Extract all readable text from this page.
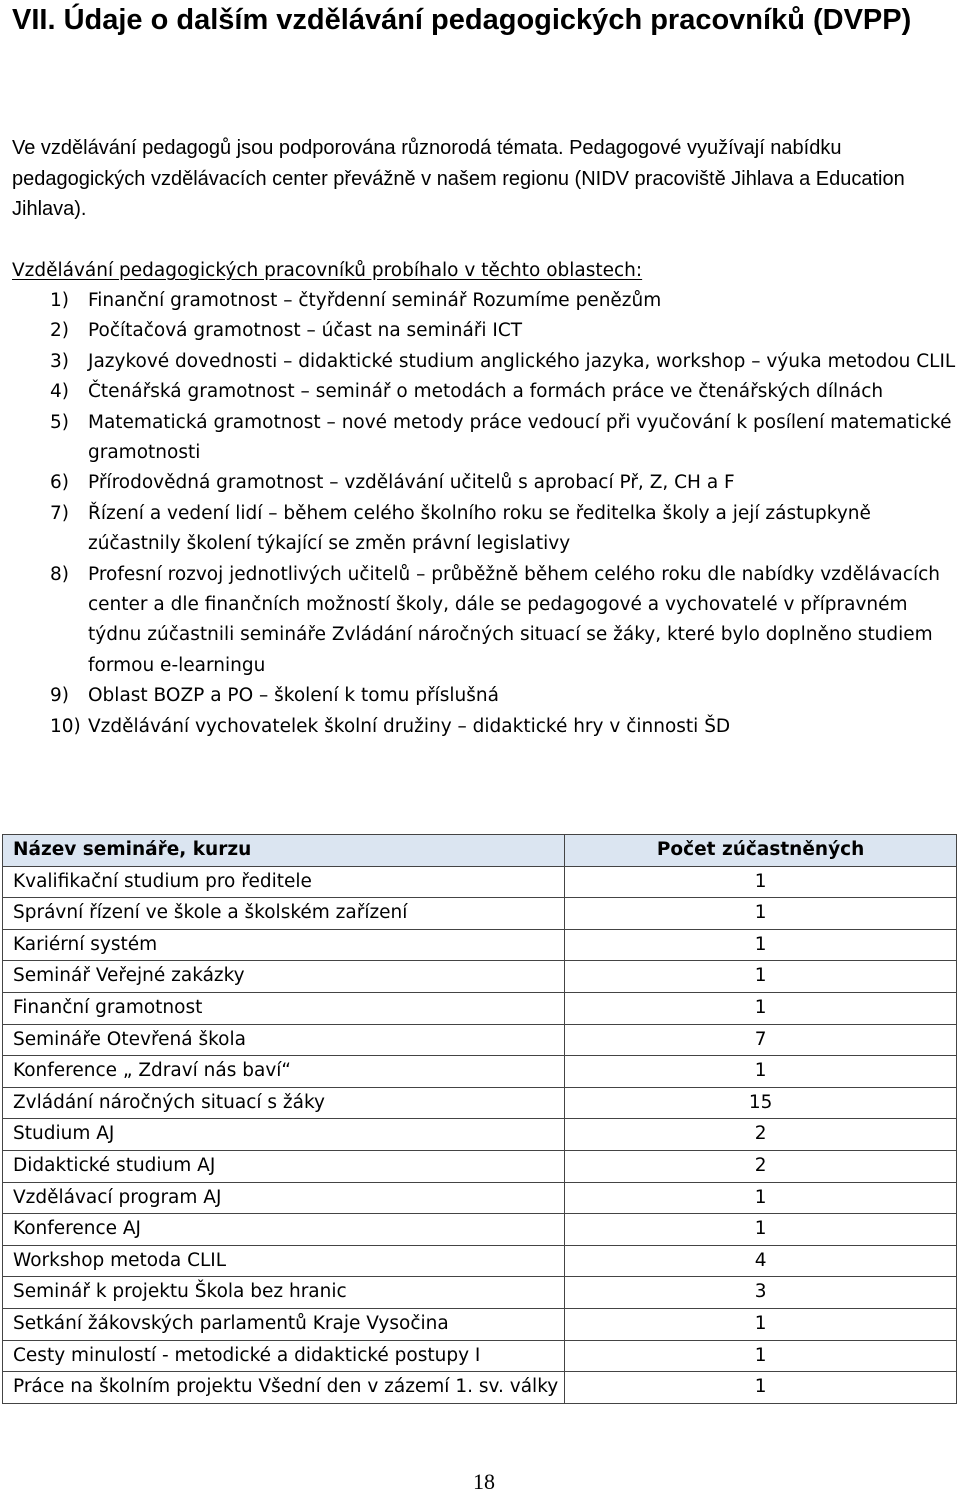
VII. Údaje o dalším vzdělávání pedagogických pracovníků (DVPP)

Ve vzdělávání pedagogů jsou podporována různorodá témata. Pedagogové využívají nabídku pedagogických vzdělávacích center převážně v našem regionu (NIDV pracoviště Jihlava a Education Jihlava).

Vzdělávání pedagogických pracovníků probíhalo v těchto oblastech:

1) Finanční gramotnost – čtyřdenní seminář Rozumíme penězům
2) Počítačová gramotnost – účast na semináři ICT
3) Jazykové dovednosti – didaktické studium anglického jazyka, workshop – výuka metodou CLIL
4) Čtenářská gramotnost – seminář o metodách a formách práce ve čtenářských dílnách
5) Matematická gramotnost – nové metody práce vedoucí při vyučování k posílení matematické gramotnosti
6) Přírodovědná gramotnost – vzdělávání učitelů s aprobací Př, Z, CH a F
7) Řízení a vedení lidí – během celého školního roku se ředitelka školy a její zástupkyně zúčastnily školení týkající se změn právní legislativy
8) Profesní rozvoj jednotlivých učitelů – průběžně během celého roku dle nabídky vzdělávacích center a dle finančních možností školy, dále se pedagogové a vychovatelé v přípravném týdnu zúčastnili semináře Zvládání náročných situací se žáky, které bylo doplněno studiem formou e-learningu
9) Oblast BOZP a PO – školení k tomu příslušná
10) Vzdělávání vychovatelek školní družiny – didaktické hry v činnosti ŠD
Název semináře, kurzu	Počet zúčastněných
Kvalifikační studium pro ředitele	1
Správní řízení ve škole a školském zařízení	1
Kariérní systém	1
Seminář Veřejné zakázky	1
Finanční gramotnost	1
Semináře Otevřená škola	7
Konference „ Zdraví nás baví“	1
Zvládání náročných situací s žáky	15
Studium AJ	2
Didaktické studium AJ	2
Vzdělávací program AJ	1
Konference AJ	1
Workshop metoda CLIL	4
Seminář k projektu Škola bez hranic	3
Setkání žákovských parlamentů Kraje Vysočina	1
Cesty minulostí - metodické a didaktické postupy I	1
Práce na školním projektu Všední den v zázemí 1. sv. války	1

18
